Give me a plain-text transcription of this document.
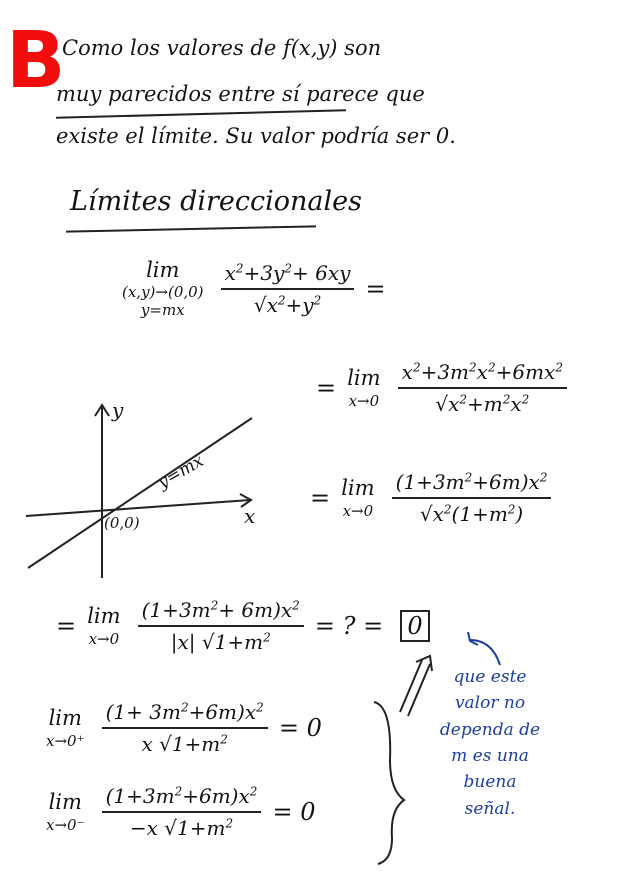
B
Como los valores de f(x,y) son
muy parecidos entre sí parece que
existe el límite. Su valor podría ser 0.
Límites direccionales
lim
(x,y)→(0,0)
y=mx
	$\frac{x^2+3y^2+ 6xy}{√x^2+y^2}$ =
= lim
x→0
$\frac{x^2+3m^2x^2+6mx^2}{√x^2+m^2x^2}$
= lim
x→0
$\frac{(1+3m^2+6m)x^2}{√x^2(1+m^2)}$
y
x
y=mx
(0,0)
= lim
x→0
$\frac{(1+3m^2+ 6m)x^2}{|x| √1+m^2}$ = ? = 0
lim
x→0⁺
$\frac{(1+ 3m^2+6m)x^2}{x √1+m^2} = 0$
lim
x→0⁻
$\frac{(1+3m^2+6m)x^2}{-x √1+m^2} = 0$
que este
valor no
dependa de
m es una
buena
señal.
